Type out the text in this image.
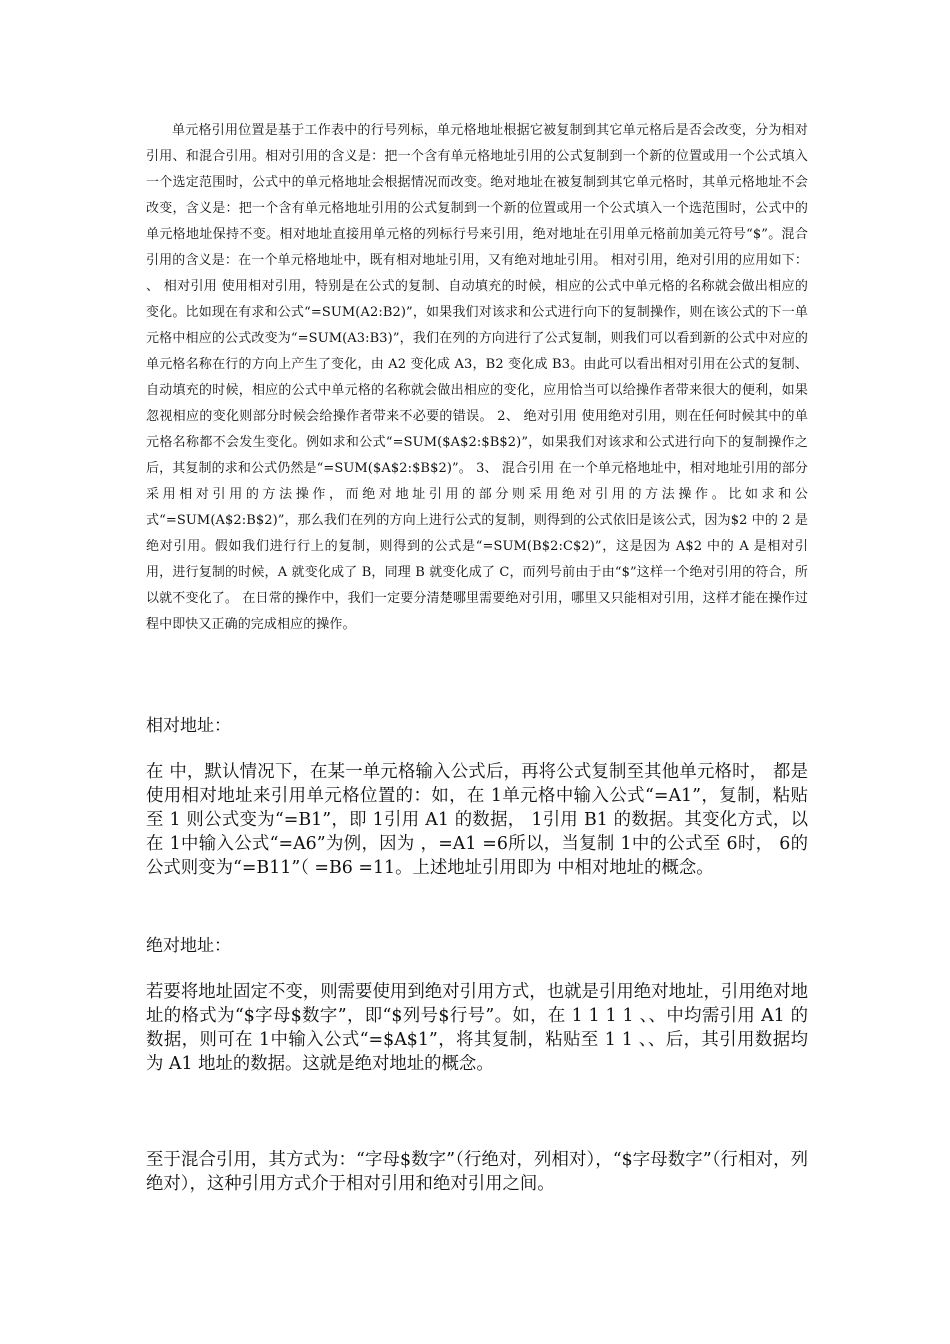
单元格引用位置是基于工作表中的行号列标，单元格地址根据它被复制到其它单元格后是否会改变，分为相对引用、和混合引用。相对引用的含义是：把一个含有单元格地址引用的公式复制到一个新的位置或用一个公式填入一个选定范围时，公式中的单元格地址会根据情况而改变。绝对地址在被复制到其它单元格时，其单元格地址不会改变，含义是：把一个含有单元格地址引用的公式复制到一个新的位置或用一个公式填入一个选范围时，公式中的单元格地址保持不变。相对地址直接用单元格的列标行号来引用，绝对地址在引用单元格前加美元符号“$”。混合引用的含义是：在一个单元格地址中，既有相对地址引用，又有绝对地址引用。 相对引用，绝对引用的应用如下： 、 相对引用 使用相对引用，特别是在公式的复制、自动填充的时候，相应的公式中单元格的名称就会做出相应的变化。比如现在有求和公式“=SUM(A2:B2)”，如果我们对该求和公式进行向下的复制操作，则在该公式的下一单元格中相应的公式改变为“=SUM(A3:B3)”，我们在列的方向进行了公式复制，则我们可以看到新的公式中对应的单元格名称在行的方向上产生了变化，由 A2 变化成 A3，B2 变化成 B3。由此可以看出相对引用在公式的复制、自动填充的时候，相应的公式中单元格的名称就会做出相应的变化，应用恰当可以给操作者带来很大的便利，如果忽视相应的变化则部分时候会给操作者带来不必要的错误。 2、 绝对引用 使用绝对引用，则在任何时候其中的单元格名称都不会发生变化。例如求和公式“=SUM($A$2:$B$2)”，如果我们对该求和公式进行向下的复制操作之后，其复制的求和公式仍然是“=SUM($A$2:$B$2)”。 3、 混合引用 在一个单元格地址中，相对地址引用的部分采用相对引用的方法操作，而绝对地址引用的部分则采用绝对引用的方法操作。比如求和公式“=SUM(A$2:B$2)”，那么我们在列的方向上进行公式的复制，则得到的公式依旧是该公式，因为$2 中的 2 是绝对引用。假如我们进行行上的复制，则得到的公式是“=SUM(B$2:C$2)”，这是因为 A$2 中的 A 是相对引用，进行复制的时候，A 就变化成了 B，同理 B 就变化成了 C，而列号前由于由“$”这样一个绝对引用的符合，所以就不变化了。 在日常的操作中，我们一定要分清楚哪里需要绝对引用，哪里又只能相对引用，这样才能在操作过程中即快又正确的完成相应的操作。

相对地址：

在 中，默认情况下，在某一单元格输入公式后，再将公式复制至其他单元格时， 都是使用相对地址来引用单元格位置的：如，在 1单元格中输入公式“=A1”，复制，粘贴至 1 则公式变为“=B1”，即 1引用 A1 的数据， 1引用 B1 的数据。其变化方式，以在 1中输入公式“=A6”为例，因为 ，=A1 =6所以，当复制 1中的公式至 6时， 6的公式则变为“=B11”（ =B6 =11。上述地址引用即为 中相对地址的概念。

绝对地址：

若要将地址固定不变，则需要使用到绝对引用方式，也就是引用绝对地址，引用绝对地址的格式为“$字母$数字”，即“$列号$行号”。如，在 1 1 1 1 、、中均需引用 A1 的数据，则可在 1中输入公式“=$A$1”，将其复制，粘贴至 1 1 、、后，其引用数据均为 A1 地址的数据。这就是绝对地址的概念。

至于混合引用，其方式为：“字母$数字”（行绝对，列相对），“$字母数字”（行相对，列绝对），这种引用方式介于相对引用和绝对引用之间。
